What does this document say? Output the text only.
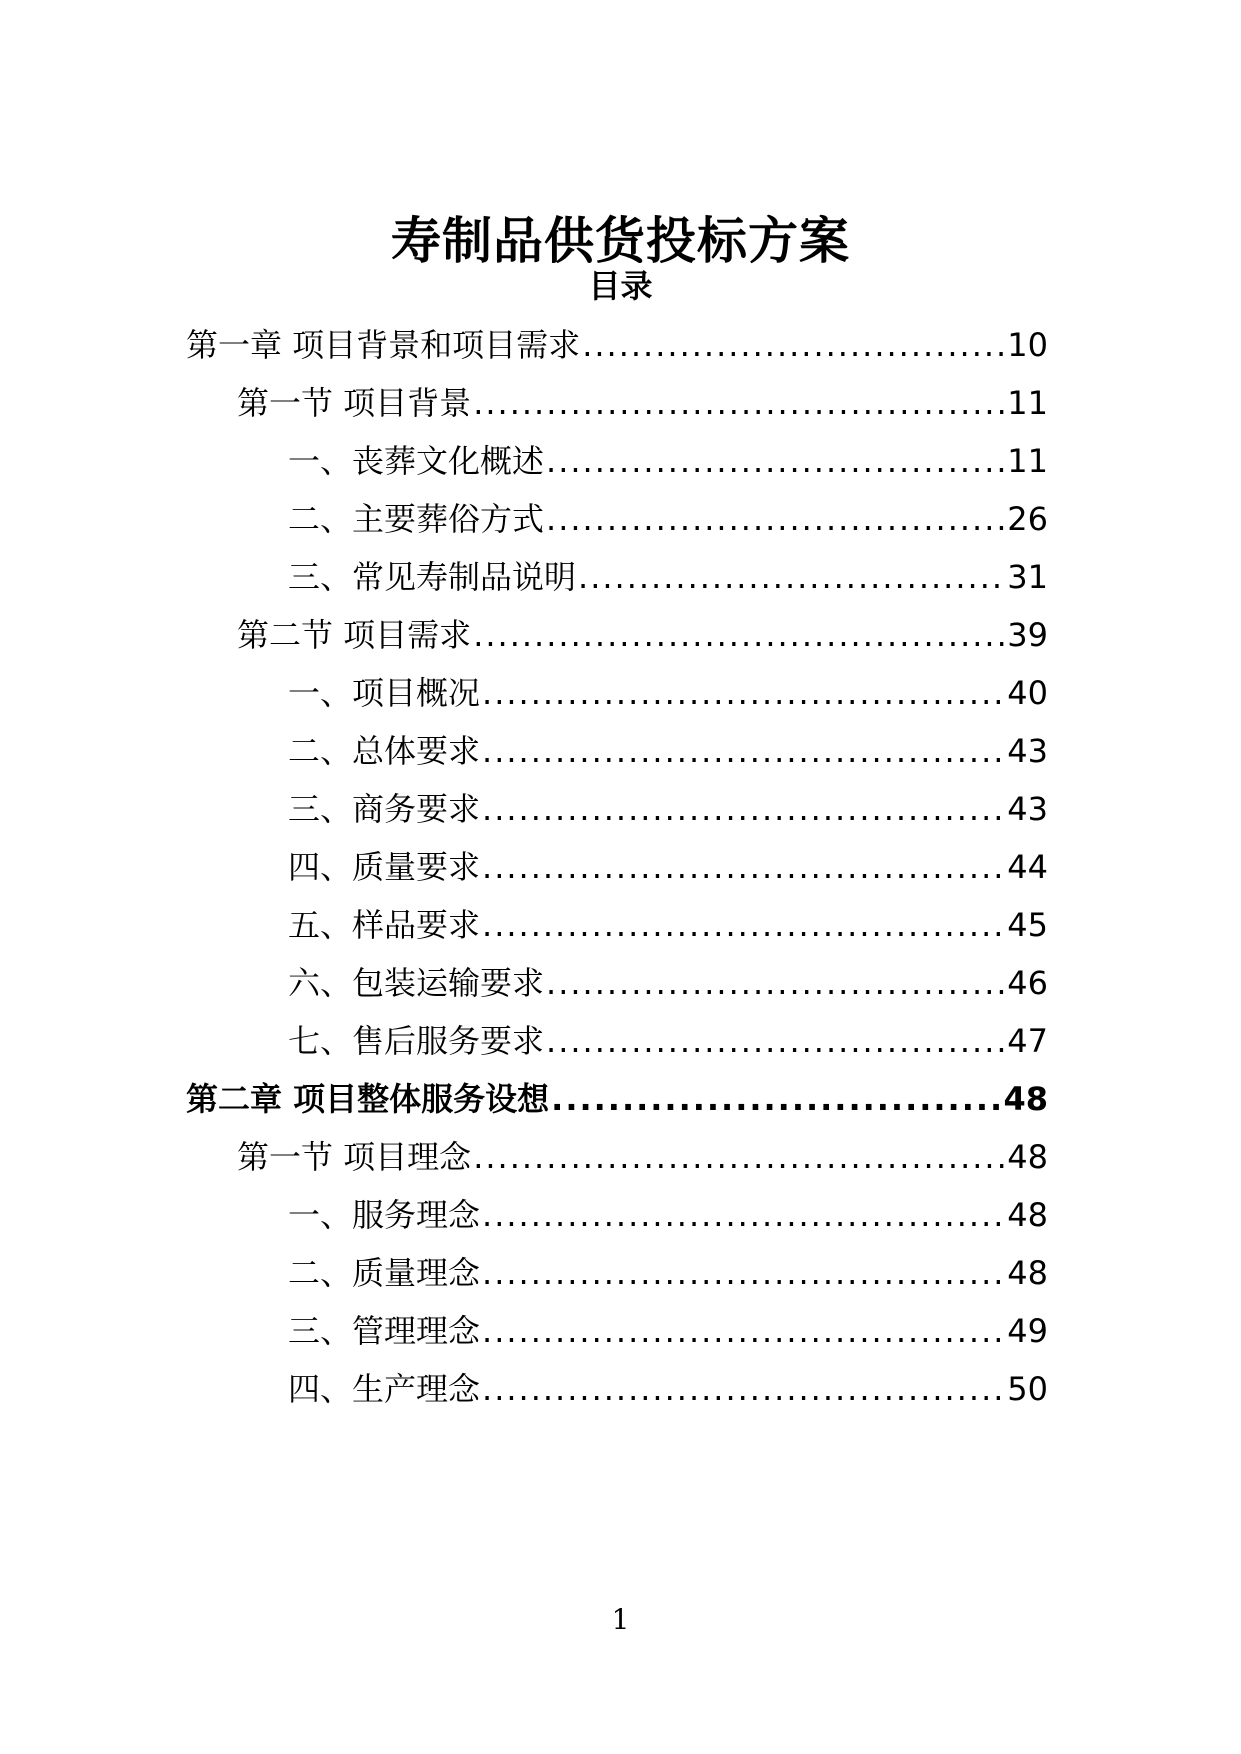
寿制品供货投标方案
目录
第一章 项目背景和项目需求 .....	10
第一节 项目背景 .....	11
一、丧葬文化概述 .....	11
二、主要葬俗方式 .....	26
三、常见寿制品说明 .....	31
第二节 项目需求 .....	39
一、项目概况 .....	40
二、总体要求 .....	43
三、商务要求 .....	43
四、质量要求 .....	44
五、样品要求 .....	45
六、包装运输要求 .....	46
七、售后服务要求 .....	47
第二章 项目整体服务设想 .....	48
第一节 项目理念 .....	48
一、服务理念 .....	48
二、质量理念 .....	48
三、管理理念 .....	49
四、生产理念 .....	50
1
